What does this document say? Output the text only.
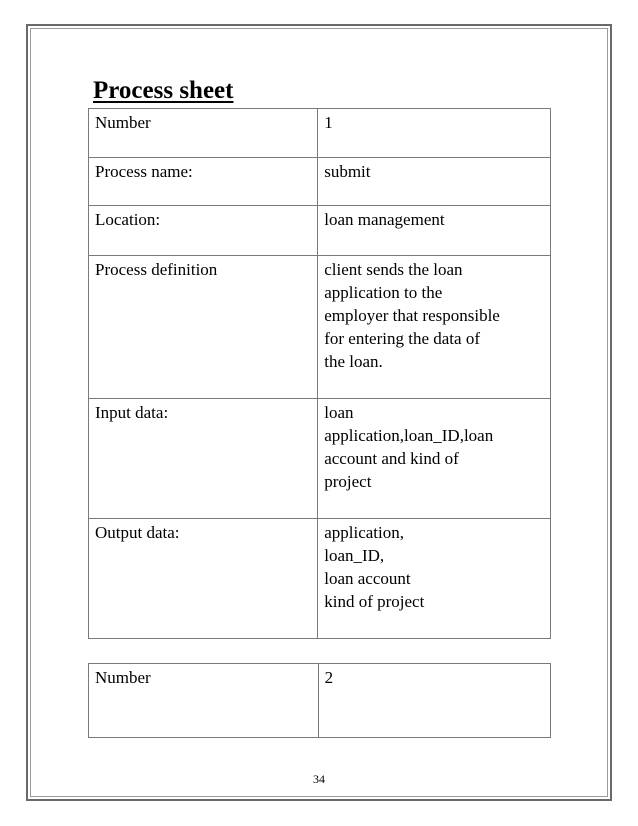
Process sheet
Number	1

Process name:	submit

Location:	loan management

Process definition	client sends the loan
application to the
employer that responsible
for entering the data of
the loan.

Input data:	loan
application,loan_ID,loan
account and kind of
project

Output data:	application,
loan_ID,
loan account
kind of project
Number	2
34
